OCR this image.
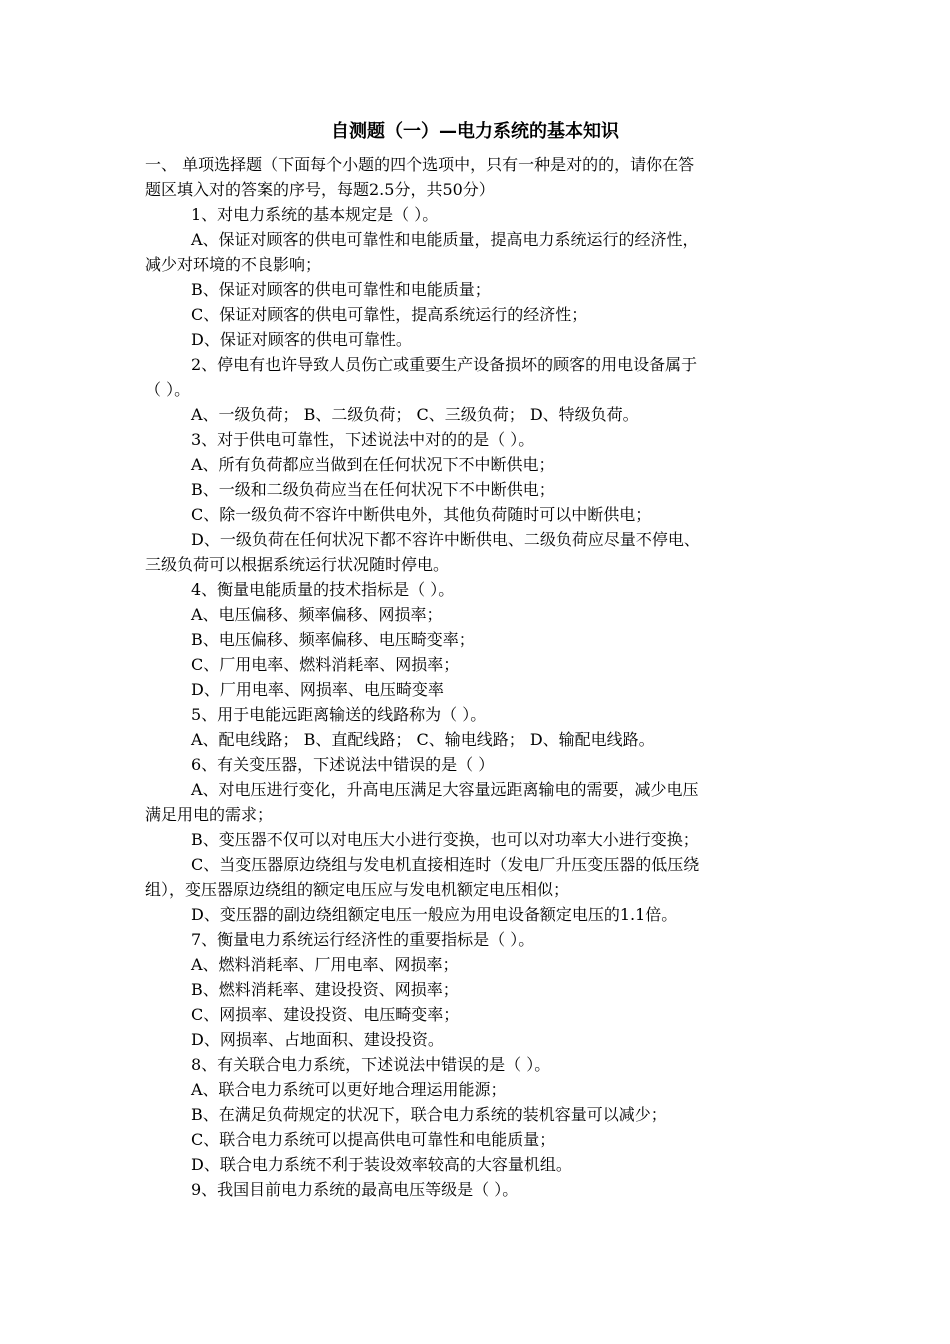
自测题（一）—电力系统的基本知识
一、 单项选择题（下面每个小题的四个选项中，只有一种是对的的，请你在答
题区填入对的答案的序号，每题2.5分，共50分）
1、对电力系统的基本规定是（ ）。
A、保证对顾客的供电可靠性和电能质量，提高电力系统运行的经济性，
减少对环境的不良影响；
B、保证对顾客的供电可靠性和电能质量；
C、保证对顾客的供电可靠性，提高系统运行的经济性；
D、保证对顾客的供电可靠性。
2、停电有也许导致人员伤亡或重要生产设备损坏的顾客的用电设备属于
（ ）。
A、一级负荷； B、二级负荷； C、三级负荷； D、特级负荷。
3、对于供电可靠性，下述说法中对的的是（ ）。
A、所有负荷都应当做到在任何状况下不中断供电；
B、一级和二级负荷应当在任何状况下不中断供电；
C、除一级负荷不容许中断供电外，其他负荷随时可以中断供电；
D、一级负荷在任何状况下都不容许中断供电、二级负荷应尽量不停电、
三级负荷可以根据系统运行状况随时停电。
4、衡量电能质量的技术指标是（ ）。
A、电压偏移、频率偏移、网损率；
B、电压偏移、频率偏移、电压畸变率；
C、厂用电率、燃料消耗率、网损率；
D、厂用电率、网损率、电压畸变率
5、用于电能远距离输送的线路称为（ ）。
A、配电线路； B、直配线路； C、输电线路； D、输配电线路。
6、有关变压器，下述说法中错误的是（ ）
A、对电压进行变化，升高电压满足大容量远距离输电的需要，减少电压
满足用电的需求；
B、变压器不仅可以对电压大小进行变换，也可以对功率大小进行变换；
C、当变压器原边绕组与发电机直接相连时（发电厂升压变压器的低压绕
组），变压器原边绕组的额定电压应与发电机额定电压相似；
D、变压器的副边绕组额定电压一般应为用电设备额定电压的1.1倍。
7、衡量电力系统运行经济性的重要指标是（ ）。
A、燃料消耗率、厂用电率、网损率；
B、燃料消耗率、建设投资、网损率；
C、网损率、建设投资、电压畸变率；
D、网损率、占地面积、建设投资。
8、有关联合电力系统，下述说法中错误的是（ ）。
A、联合电力系统可以更好地合理运用能源；
B、在满足负荷规定的状况下，联合电力系统的装机容量可以减少；
C、联合电力系统可以提高供电可靠性和电能质量；
D、联合电力系统不利于装设效率较高的大容量机组。
9、我国目前电力系统的最高电压等级是（ ）。
